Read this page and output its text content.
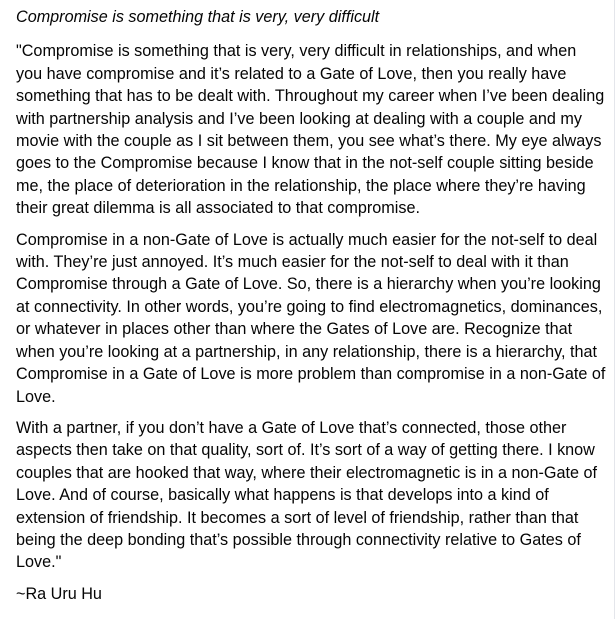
Compromise is something that is very, very difficult
"Compromise is something that is very, very difficult in relationships, and when you have compromise and it’s related to a Gate of Love, then you really have something that has to be dealt with. Throughout my career when I’ve been dealing with partnership analysis and I’ve been looking at dealing with a couple and my movie with the couple as I sit between them, you see what’s there. My eye always goes to the Compromise because I know that in the not-self couple sitting beside me, the place of deterioration in the relationship, the place where they’re having their great dilemma is all associated to that compromise.
Compromise in a non-Gate of Love is actually much easier for the not-self to deal with. They’re just annoyed. It’s much easier for the not-self to deal with it than Compromise through a Gate of Love. So, there is a hierarchy when you’re looking at connectivity. In other words, you’re going to find electromagnetics, dominances, or whatever in places other than where the Gates of Love are. Recognize that when you’re looking at a partnership, in any relationship, there is a hierarchy, that Compromise in a Gate of Love is more problem than compromise in a non-Gate of Love.
With a partner, if you don’t have a Gate of Love that’s connected, those other aspects then take on that quality, sort of. It’s sort of a way of getting there. I know couples that are hooked that way, where their electromagnetic is in a non-Gate of Love. And of course, basically what happens is that develops into a kind of extension of friendship. It becomes a sort of level of friendship, rather than that being the deep bonding that’s possible through connectivity relative to Gates of Love."
~Ra Uru Hu
